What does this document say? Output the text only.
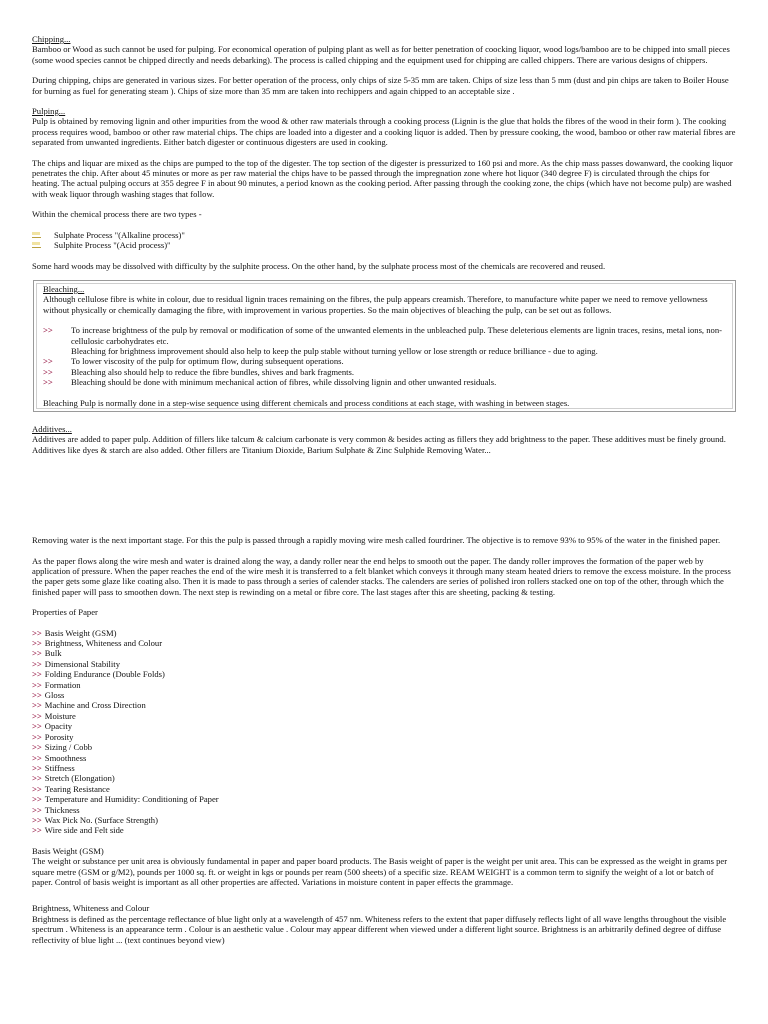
Chipping...

Bamboo or Wood as such cannot be used for pulping. For economical operation of pulping plant as well as for better penetration of coocking liquor, wood logs/bamboo are to be chipped into small pieces (some wood species cannot be chipped directly and needs debarking). The process is called chipping and the equipment used for chipping are called chippers. There are various designs of chippers.

During chipping, chips are generated in various sizes. For better operation of the process, only chips of size 5-35 mm are taken. Chips of size less than 5 mm (dust and pin chips are taken to Boiler House for burning as fuel for generating steam ). Chips of size more than 35 mm are taken into rechippers and again chipped to an acceptable size .

Pulping...

Pulp is obtained by removing lignin and other impurities from the wood & other raw materials through a cooking process (Lignin is the glue that holds the fibres of the wood in their form ). The cooking process requires wood, bamboo or other raw material chips. The chips are loaded into a digester and a cooking liquor is added. Then by pressure cooking, the wood, bamboo or other raw material fibres are separated from unwanted ingredients. Either batch digester or continuous digesters are used in cooking.

The chips and liquar are mixed as the chips are pumped to the top of the digester. The top section of the digester is pressurized to 160 psi and more. As the chip mass passes dowanward, the cooking liquor penetrates the chip. After about 45 minutes or more as per raw material the chips have to be passed through the impregnation zone where hot liquor (340 degree F) is circulated through the chips for heating. The actual pulping occurs at 355 degree F in about 90 minutes, a period known as the cooking period. After passing through the cooking zone, the chips (which have not become pulp) are washed with weak liquor through washing stages that follow.

Within the chemical process there are two types -

Sulphate Process "(Alkaline process)"
Sulphite Process "(Acid process)"

Some hard woods may be dissolved with difficulty by the sulphite process. On the other hand, by the sulphate process most of the chemicals are recovered and reused.

Bleaching...

Although cellulose fibre is white in colour, due to residual lignin traces remaining on the fibres, the pulp appears creamish. Therefore, to manufacture white paper we need to remove yellowness without physically or chemically damaging the fibre, with improvement in various properties. So the main objectives of bleaching the pulp, can be set out as follows.

>>	To increase brightness of the pulp by removal or modification of some of the unwanted elements in the unbleached pulp. These deleterious elements are lignin traces, resins, metal ions, non-cellulosic carbohydrates etc.
Bleaching for brightness improvement should also help to keep the pulp stable without turning yellow or lose strength or reduce brilliance - due to aging.
>>	To lower viscosity of the pulp for optimum flow, during subsequent operations.
>>	Bleaching also should help to reduce the fibre bundles, shives and bark fragments.
>>	Bleaching should be done with minimum mechanical action of fibres, while dissolving lignin and other unwanted residuals.

Bleaching Pulp is normally done in a step-wise sequence using different chemicals and process conditions at each stage, with washing in between stages.

Additives...

Additives are added to paper pulp. Addition of fillers like talcum & calcium carbonate is very common & besides acting as fillers they add brightness to the paper. These additives must be finely ground. Additives like dyes & starch are also added. Other fillers are Titanium Dioxide, Barium Sulphate & Zinc Sulphide Removing Water...

Removing water is the next important stage. For this the pulp is passed through a rapidly moving wire mesh called fourdriner. The objective is to remove 93% to 95% of the water in the finished paper.

As the paper flows along the wire mesh and water is drained along the way, a dandy roller near the end helps to smooth out the paper. The dandy roller improves the formation of the paper web by application of pressure. When the paper reaches the end of the wire mesh it is transferred to a felt blanket which conveys it through many steam heated driers to remove the excess moisture. In the process the paper gets some glaze like coating also. Then it is made to pass through a series of calender stacks. The calenders are series of polished iron rollers stacked one on top of the other, through which the finished paper will pass to smoothen down. The next step is rewinding on a metal or fibre core. The last stages after this are sheeting, packing & testing.

Properties of Paper

>> Basis Weight (GSM)
>> Brightness, Whiteness and Colour
>> Bulk
>> Dimensional Stability
>> Folding Endurance (Double Folds)
>> Formation
>> Gloss
>> Machine and Cross Direction
>> Moisture
>> Opacity
>> Porosity
>> Sizing / Cobb
>> Smoothness
>> Stiffness
>> Stretch (Elongation)
>> Tearing Resistance
>> Temperature and Humidity: Conditioning of Paper
>> Thickness
>> Wax Pick No. (Surface Strength)
>> Wire side and Felt side

Basis Weight (GSM)

The weight or substance per unit area is obviously fundamental in paper and paper board products. The Basis weight of paper is the weight per unit area. This can be expressed as the weight in grams per square metre (GSM or g/M2), pounds per 1000 sq. ft. or weight in kgs or pounds per ream (500 sheets) of a specific size. REAM WEIGHT is a common term to signify the weight of a lot or batch of paper. Control of basis weight is important as all other properties are affected. Variations in moisture content in paper effects the grammage.

Brightness, Whiteness and Colour

Brightness is defined as the percentage reflectance of blue light only at a wavelength of 457 nm. Whiteness refers to the extent that paper diffusely reflects light of all wave lengths throughout the visible spectrum . Whiteness is an appearance term . Colour is an aesthetic value . Colour may appear different when viewed under a different light source. Brightness is an arbitrarily defined degree of diffuse reflectivity of blue light ... (text continues beyond view)
